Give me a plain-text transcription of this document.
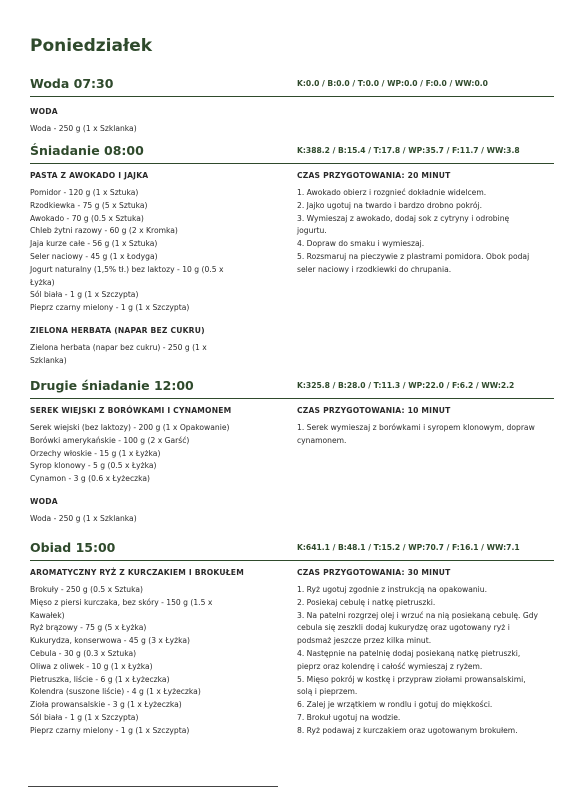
Poniedziałek
Woda 07:30	K:0.0 / B:0.0 / T:0.0 / WP:0.0 / F:0.0 / WW:0.0
WODA
Woda - 250 g (1 x Szklanka)
Śniadanie 08:00	K:388.2 / B:15.4 / T:17.8 / WP:35.7 / F:11.7 / WW:3.8
PASTA Z AWOKADO I JAJKA
Pomidor - 120 g (1 x Sztuka)
Rzodkiewka - 75 g (5 x Sztuka)
Awokado - 70 g (0.5 x Sztuka)
Chleb żytni razowy - 60 g (2 x Kromka)
Jaja kurze całe - 56 g (1 x Sztuka)
Seler naciowy - 45 g (1 x Łodyga)
Jogurt naturalny (1,5% tł.) bez laktozy - 10 g (0.5 x
Łyżka)
Sól biała - 1 g (1 x Szczypta)
Pieprz czarny mielony - 1 g (1 x Szczypta)
ZIELONA HERBATA (NAPAR BEZ CUKRU)
Zielona herbata (napar bez cukru) - 250 g (1 x
Szklanka)
CZAS PRZYGOTOWANIA: 20 MINUT
1. Awokado obierz i rozgnieć dokładnie widelcem.
2. Jajko ugotuj na twardo i bardzo drobno pokrój.
3. Wymieszaj z awokado, dodaj sok z cytryny i odrobinę
jogurtu.
4. Dopraw do smaku i wymieszaj.
5. Rozsmaruj na pieczywie z plastrami pomidora. Obok podaj
seler naciowy i rzodkiewki do chrupania.
Drugie śniadanie 12:00	K:325.8 / B:28.0 / T:11.3 / WP:22.0 / F:6.2 / WW:2.2
SEREK WIEJSKI Z BORÓWKAMI I CYNAMONEM
Serek wiejski (bez laktozy) - 200 g (1 x Opakowanie)
Borówki amerykańskie - 100 g (2 x Garść)
Orzechy włoskie - 15 g (1 x Łyżka)
Syrop klonowy - 5 g (0.5 x Łyżka)
Cynamon - 3 g (0.6 x Łyżeczka)
WODA
Woda - 250 g (1 x Szklanka)
CZAS PRZYGOTOWANIA: 10 MINUT
1. Serek wymieszaj z borówkami i syropem klonowym, dopraw
cynamonem.
Obiad 15:00	K:641.1 / B:48.1 / T:15.2 / WP:70.7 / F:16.1 / WW:7.1
AROMATYCZNY RYŻ Z KURCZAKIEM I BROKUŁEM
Brokuły - 250 g (0.5 x Sztuka)
Mięso z piersi kurczaka, bez skóry - 150 g (1.5 x
Kawałek)
Ryż brązowy - 75 g (5 x Łyżka)
Kukurydza, konserwowa - 45 g (3 x Łyżka)
Cebula - 30 g (0.3 x Sztuka)
Oliwa z oliwek - 10 g (1 x Łyżka)
Pietruszka, liście - 6 g (1 x Łyżeczka)
Kolendra (suszone liście) - 4 g (1 x Łyżeczka)
Zioła prowansalskie - 3 g (1 x Łyżeczka)
Sól biała - 1 g (1 x Szczypta)
Pieprz czarny mielony - 1 g (1 x Szczypta)
CZAS PRZYGOTOWANIA: 30 MINUT
1. Ryż ugotuj zgodnie z instrukcją na opakowaniu.
2. Posiekaj cebulę i natkę pietruszki.
3. Na patelni rozgrzej olej i wrzuć na nią posiekaną cebulę. Gdy
cebula się zeszkli dodaj kukurydzę oraz ugotowany ryż i
podsmaż jeszcze przez kilka minut.
4. Następnie na patelnię dodaj posiekaną natkę pietruszki,
pieprz oraz kolendrę i całość wymieszaj z ryżem.
5. Mięso pokrój w kostkę i przypraw ziołami prowansalskimi,
solą i pieprzem.
6. Zalej je wrzątkiem w rondlu i gotuj do miękkości.
7. Brokuł ugotuj na wodzie.
8. Ryż podawaj z kurczakiem oraz ugotowanym brokułem.
